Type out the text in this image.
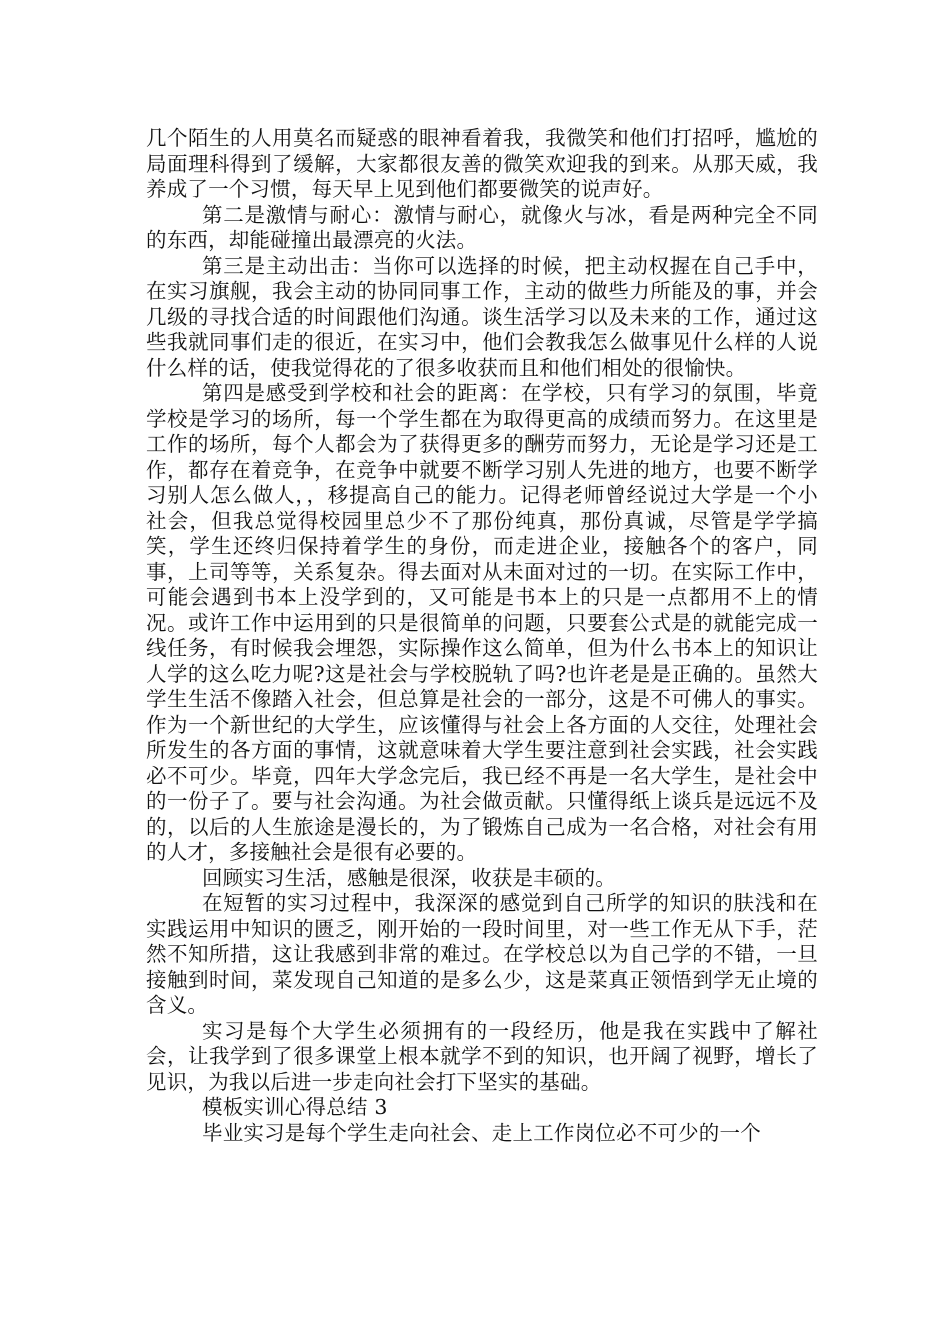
几个陌生的人用莫名而疑惑的眼神看着我，我微笑和他们打招呼，尴尬的局面理科得到了缓解，大家都很友善的微笑欢迎我的到来。从那天威，我养成了一个习惯，每天早上见到他们都要微笑的说声好。

第二是激情与耐心：激情与耐心，就像火与冰，看是两种完全不同的东西，却能碰撞出最漂亮的火法。

第三是主动出击：当你可以选择的时候，把主动权握在自己手中，在实习旗舰，我会主动的协同同事工作，主动的做些力所能及的事，并会几级的寻找合适的时间跟他们沟通。谈生活学习以及未来的工作，通过这些我就同事们走的很近，在实习中，他们会教我怎么做事见什么样的人说什么样的话，使我觉得花的了很多收获而且和他们相处的很愉快。

第四是感受到学校和社会的距离：在学校，只有学习的氛围，毕竟学校是学习的场所，每一个学生都在为取得更高的成绩而努力。在这里是工作的场所，每个人都会为了获得更多的酬劳而努力，无论是学习还是工作，都存在着竞争，在竞争中就要不断学习别人先进的地方，也要不断学习别人怎么做人，，移提高自己的能力。记得老师曾经说过大学是一个小社会，但我总觉得校园里总少不了那份纯真，那份真诚，尽管是学学搞笑，学生还终归保持着学生的身份，而走进企业，接触各个的客户，同事，上司等等，关系复杂。得去面对从未面对过的一切。在实际工作中，可能会遇到书本上没学到的，又可能是书本上的只是一点都用不上的情况。或许工作中运用到的只是很简单的问题，只要套公式是的就能完成一线任务，有时候我会埋怨，实际操作这么简单，但为什么书本上的知识让人学的这么吃力呢?这是社会与学校脱轨了吗?也许老是是正确的。虽然大学生生活不像踏入社会，但总算是社会的一部分，这是不可佛人的事实。作为一个新世纪的大学生，应该懂得与社会上各方面的人交往，处理社会所发生的各方面的事情，这就意味着大学生要注意到社会实践，社会实践必不可少。毕竟，四年大学念完后，我已经不再是一名大学生，是社会中的一份子了。要与社会沟通。为社会做贡献。只懂得纸上谈兵是远远不及的，以后的人生旅途是漫长的，为了锻炼自己成为一名合格，对社会有用的人才，多接触社会是很有必要的。

回顾实习生活，感触是很深，收获是丰硕的。

在短暂的实习过程中，我深深的感觉到自己所学的知识的肤浅和在实践运用中知识的匮乏，刚开始的一段时间里，对一些工作无从下手，茫然不知所措，这让我感到非常的难过。在学校总以为自己学的不错，一旦接触到时间，菜发现自己知道的是多么少，这是菜真正领悟到学无止境的含义。

实习是每个大学生必须拥有的一段经历，他是我在实践中了解社会，让我学到了很多课堂上根本就学不到的知识，也开阔了视野，增长了见识，为我以后进一步走向社会打下坚实的基础。

模板实训心得总结 3

毕业实习是每个学生走向社会、走上工作岗位必不可少的一个
